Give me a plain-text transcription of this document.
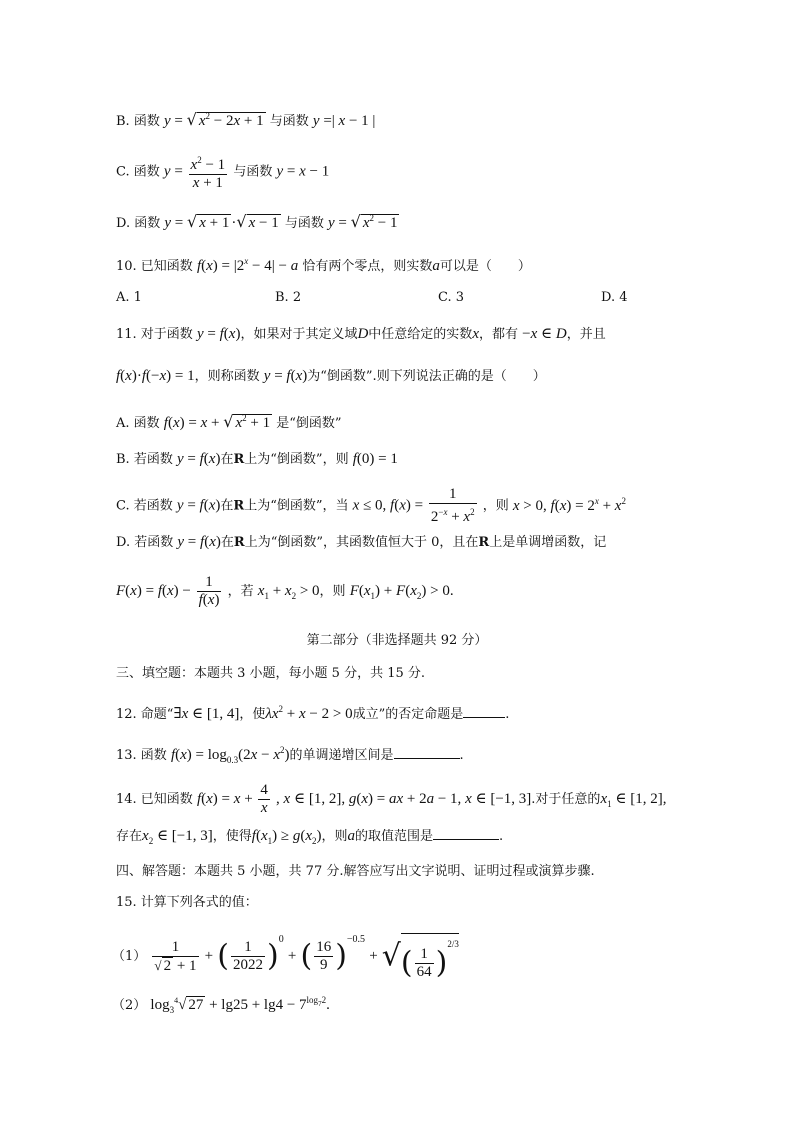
B. 函数 y = √ $x^2 - 2x + 1$ 与函数 y =| x − 1 |
C. 函数 $y = \frac{x^2 - 1}{x + 1}$ 与函数 y = x − 1
D. 函数 y = √ x + 1 ·√ x − 1 与函数 y = √ $x^2 - 1$
10. 已知函数 $f(x) = |2^x - 4| - a$ 恰有两个零点，则实数a可以是（　　）
A. 1	B. 2	C. 3	D. 4
11. 对于函数 y = f(x)，如果对于其定义域D中任意给定的实数x，都有 −x ∈ D，并且
f(x)·f(−x) = 1，则称函数 y = f(x)为“倒函数”.则下列说法正确的是（　　）
A. 函数 f(x) = x + √ $x^2 + 1$ 是“倒函数”
B. 若函数 y = f(x)在R上为“倒函数”，则 f(0) = 1
C. 若函数 y = f(x)在R上为“倒函数”，当 x ≤ 0, $f(x) = \frac{1}{2^{-x} + x^2}$ ，则 x > 0, $f(x) = 2^x + x^2$
D. 若函数 y = f(x)在R上为“倒函数”，其函数值恒大于 0，且在R上是单调增函数，记
$F(x) = f(x) - \frac{1}{f(x)}$ ，若 $x_1 + x_2 > 0$，则 $F(x_1) + F(x_2) > 0$.
第二部分（非选择题共 92 分）
三、填空题：本题共 3 小题，每小题 5 分，共 15 分.
12. 命题“∃x ∈ [1, 4]，使$\lambda x^2 + x - 2 > 0$成立”的否定命题是	.
13. 函数 $f(x) = \log_{0.3}(2x - x^2)$的单调递增区间是	.
14. 已知函数 $f(x) = x + \frac{4}{x}$ , x ∈ [1, 2], g(x) = ax + 2a − 1, x ∈ [−1, 3].对于任意的$x_1$ ∈ [1, 2],
存在$x_2$ ∈ [−1, 3]，使得$f(x_1) \ge g(x_2)$，则a的取值范围是	.
四、解答题：本题共 5 小题，共 77 分.解答应写出文字说明、证明过程或演算步骤.
15. 计算下列各式的值：
$(1) \frac{1}{√ 2 + 1}$ + ( $\frac{1}{2022} )^0$ + ( $\frac{16}{9} )^{-0.5}$ + √( $\frac{1}{64} )^{2/3}$
（2） $\log_3^4√$ $27 + \lg 25 + \lg 4 - 7^{log_72}$.
